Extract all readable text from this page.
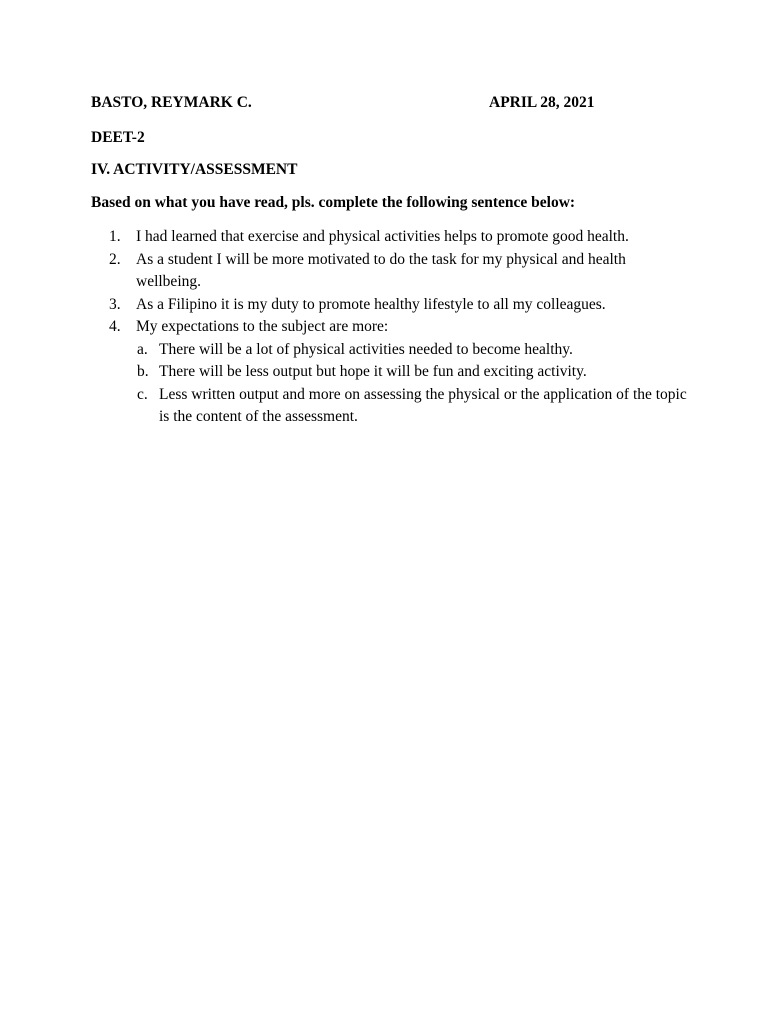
BASTO, REYMARK C.	APRIL 28, 2021
DEET-2
IV. ACTIVITY/ASSESSMENT
Based on what you have read, pls. complete the following sentence below:
1. I had learned that exercise and physical activities helps to promote good health.
2. As a student I will be more motivated to do the task for my physical and health wellbeing.
3. As a Filipino it is my duty to promote healthy lifestyle to all my colleagues.
4. My expectations to the subject are more:
a. There will be a lot of physical activities needed to become healthy.
b. There will be less output but hope it will be fun and exciting activity.
c. Less written output and more on assessing the physical or the application of the topic is the content of the assessment.
